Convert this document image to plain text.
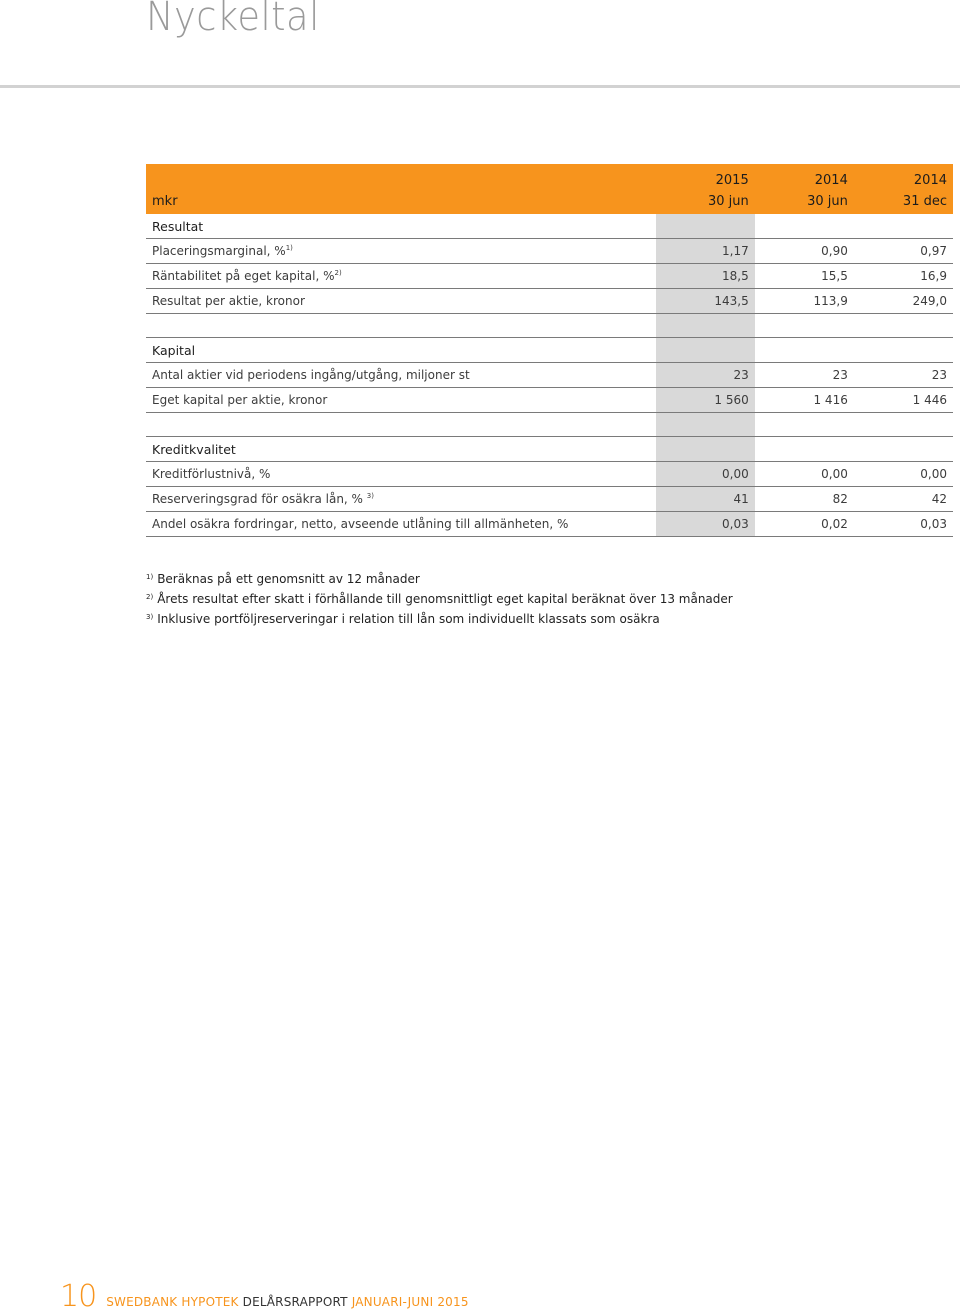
Nyckeltal
	2015	2014	2014
mkr	30 jun	30 jun	31 dec
Resultat			
Placeringsmarginal, %$^{1)}$	1,17	0,90	0,97
Räntabilitet på eget kapital, %$^{2)}$	18,5	15,5	16,9
Resultat per aktie, kronor	143,5	113,9	249,0

Kapital			
Antal aktier vid periodens ingång/utgång, miljoner st	23	23	23
Eget kapital per aktie, kronor	1 560	1 416	1 446

Kreditkvalitet			
Kreditförlustnivå, %	0,00	0,00	0,00
Reserveringsgrad för osäkra lån, % $^{3)}$	41	82	42
Andel osäkra fordringar, netto, avseende utlåning till allmänheten, %	0,03	0,02	0,03
$^{1)}$ Beräknas på ett genomsnitt av 12 månader
$^{2)}$ Årets resultat efter skatt i förhållande till genomsnittligt eget kapital beräknat över 13 månader
$^{3)}$ Inklusive portföljreserveringar i relation till lån som individuellt klassats som osäkra
10 SWEDBANK HYPOTEK DELÅRSRAPPORT JANUARI-JUNI 2015
